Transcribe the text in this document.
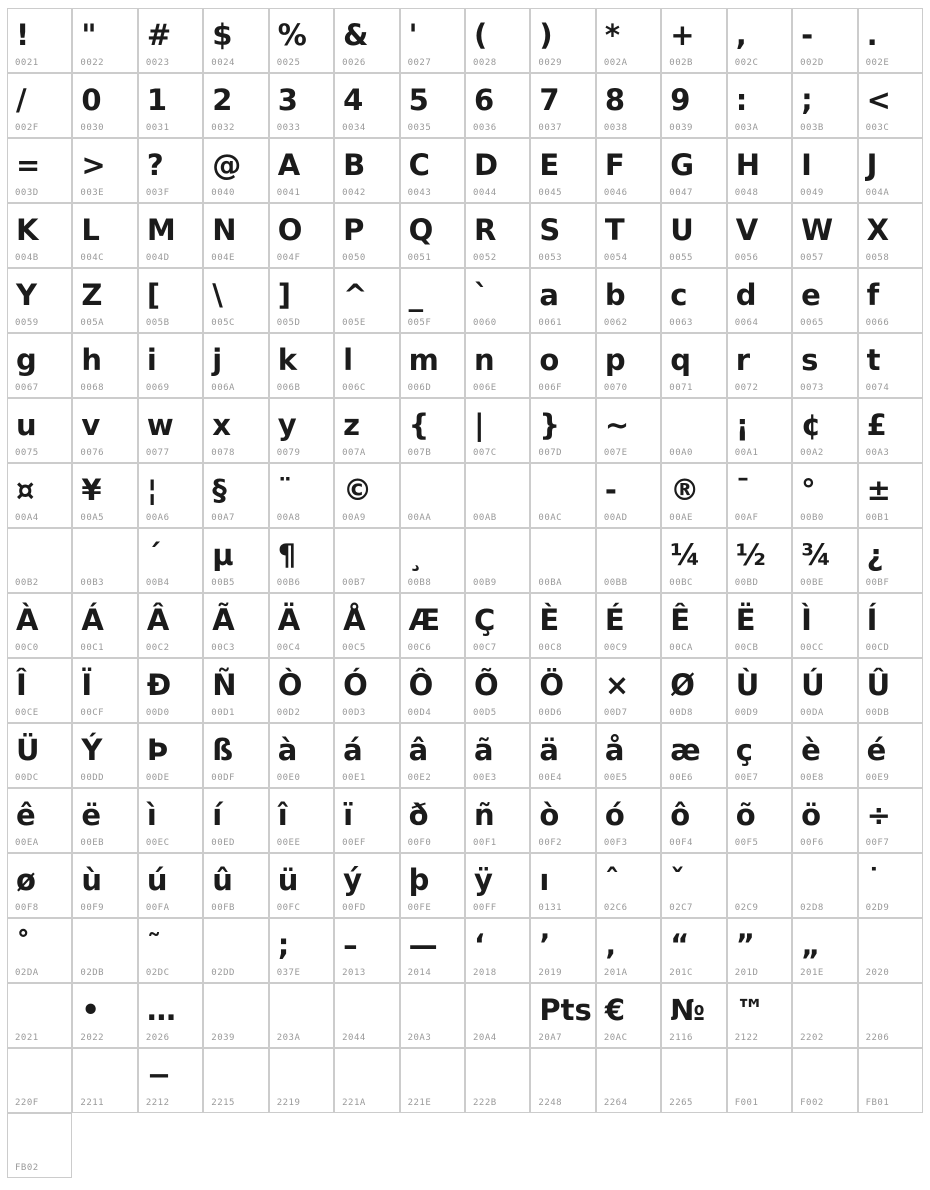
!
0021
"
0022
#
0023
$
0024
%
0025
&
0026
'
0027
(
0028
)
0029
*
002A
+
002B
,
002C
-
002D
.
002E
/
002F
0
0030
1
0031
2
0032
3
0033
4
0034
5
0035
6
0036
7
0037
8
0038
9
0039
:
003A
;
003B
<
003C
=
003D
>
003E
?
003F
@
0040
A
0041
B
0042
C
0043
D
0044
E
0045
F
0046
G
0047
H
0048
I
0049
J
004A
K
004B
L
004C
M
004D
N
004E
O
004F
P
0050
Q
0051
R
0052
S
0053
T
0054
U
0055
V
0056
W
0057
X
0058
Y
0059
Z
005A
[
005B
\
005C
]
005D
^
005E
_
005F
`
0060
a
0061
b
0062
c
0063
d
0064
e
0065
f
0066
g
0067
h
0068
i
0069
j
006A
k
006B
l
006C
m
006D
n
006E
o
006F
p
0070
q
0071
r
0072
s
0073
t
0074
u
0075
v
0076
w
0077
x
0078
y
0079
z
007A
{
007B
|
007C
}
007D
~
007E	00A0
¡
00A1
¢
00A2
£
00A3
¤
00A4
¥
00A5
¦
00A6
§
00A7
¨
00A8
©
00A9	00AA	00AB	00AC
-
00AD
®
00AE
¯
00AF
°
00B0
±
00B1
00B2	00B3
´
00B4
µ
00B5
¶
00B6	00B7
¸
00B8	00B9	00BA	00BB
¼
00BC
½
00BD
¾
00BE
¿
00BF
À
00C0
Á
00C1
Â
00C2
Ã
00C3
Ä
00C4
Å
00C5
Æ
00C6
Ç
00C7
È
00C8
É
00C9
Ê
00CA
Ë
00CB
Ì
00CC
Í
00CD
Î
00CE
Ï
00CF
Ð
00D0
Ñ
00D1
Ò
00D2
Ó
00D3
Ô
00D4
Õ
00D5
Ö
00D6
×
00D7
Ø
00D8
Ù
00D9
Ú
00DA
Û
00DB
Ü
00DC
Ý
00DD
Þ
00DE
ß
00DF
à
00E0
á
00E1
â
00E2
ã
00E3
ä
00E4
å
00E5
æ
00E6
ç
00E7
è
00E8
é
00E9
ê
00EA
ë
00EB
ì
00EC
í
00ED
î
00EE
ï
00EF
ð
00F0
ñ
00F1
ò
00F2
ó
00F3
ô
00F4
õ
00F5
ö
00F6
÷
00F7
ø
00F8
ù
00F9
ú
00FA
û
00FB
ü
00FC
ý
00FD
þ
00FE
ÿ
00FF
ı
0131
ˆ
02C6
ˇ
02C7	02C9	02D8
˙
02D9
˚
02DA	02DB
˜
02DC	02DD
;
037E
–
2013
—
2014
‘
2018
’
2019
‚
201A
“
201C
”
201D
„
201E	2020
2021
•
2022
…
2026	2039	203A	2044	20A3	20A4
Pts
20A7
€
20AC
№
2116
™
2122	2202	2206
220F	2211
−
2212	2215	2219	221A	221E	222B	2248	2264	2265	F001	F002	FB01
FB02
